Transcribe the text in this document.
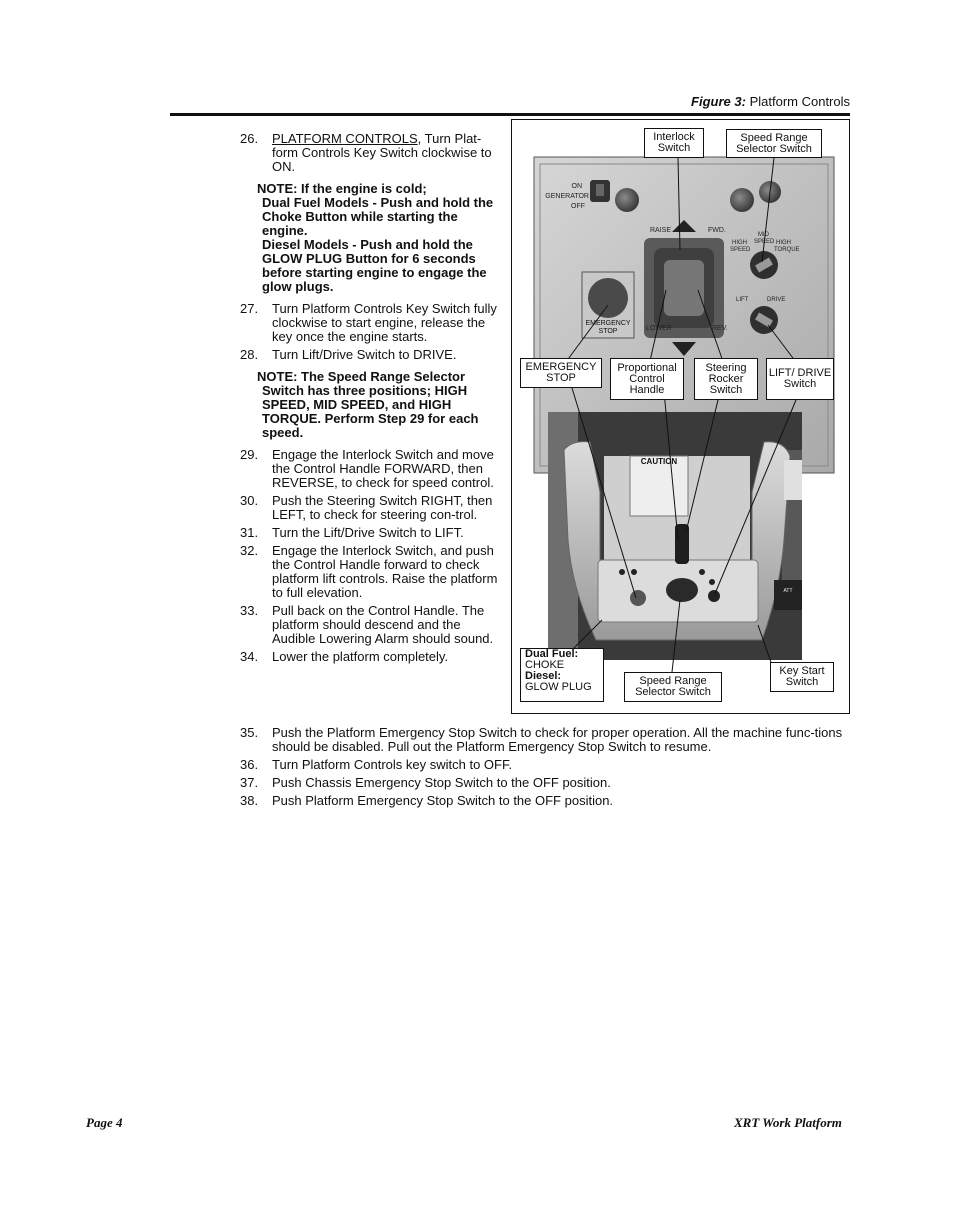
Figure 3: Platform Controls
26.	PLATFORM CONTROLS, Turn Plat-form Controls Key Switch clockwise to ON.
NOTE: If the engine is cold;
Dual Fuel Models - Push and hold the Choke Button while starting the engine.
Diesel Models - Push and hold the GLOW PLUG Button for 6 seconds before starting engine to engage the glow plugs.
27.	Turn Platform Controls Key Switch fully clockwise to start engine, release the key once the engine starts.
28.	Turn Lift/Drive Switch to DRIVE.
NOTE: The Speed Range Selector
Switch has three positions; HIGH SPEED, MID SPEED, and HIGH TORQUE. Perform Step 29 for each speed.
29.	Engage the Interlock Switch and move the Control Handle FORWARD, then REVERSE, to check for speed control.
30.	Push the Steering Switch RIGHT, then LEFT, to check for steering con-trol.
31.	Turn the Lift/Drive Switch to LIFT.
32.	Engage the Interlock Switch, and push the Control Handle forward to check platform lift controls. Raise the platform to full elevation.
33.	Pull back on the Control Handle. The platform should descend and the Audible Lowering Alarm should sound.
34.	Lower the platform completely.
35.	Push the Platform Emergency Stop Switch to check for proper operation. All the machine func-tions should be disabled. Pull out the Platform Emergency Stop Switch to resume.
36.	Turn Platform Controls key switch to OFF.
37.	Push Chassis Emergency Stop Switch to the OFF position.
38.	Push Platform Emergency Stop Switch to the OFF position.
ON
GENERATOR
OFF
RAISE	FWD.
LOWER	REV.
HIGH
SPEED
MID
SPEED HIGH
TORQUE
LIFT	DRIVE
EMERGENCY
STOP
CAUTION
ATT
Interlock Switch
Speed Range Selector Switch
EMERGENCY STOP
Proportional Control Handle
Steering Rocker Switch
LIFT/ DRIVE Switch
Dual Fuel:
CHOKE
Diesel:
GLOW PLUG	Speed Range Selector Switch
Key Start Switch
Page 4	XRT Work Platform
